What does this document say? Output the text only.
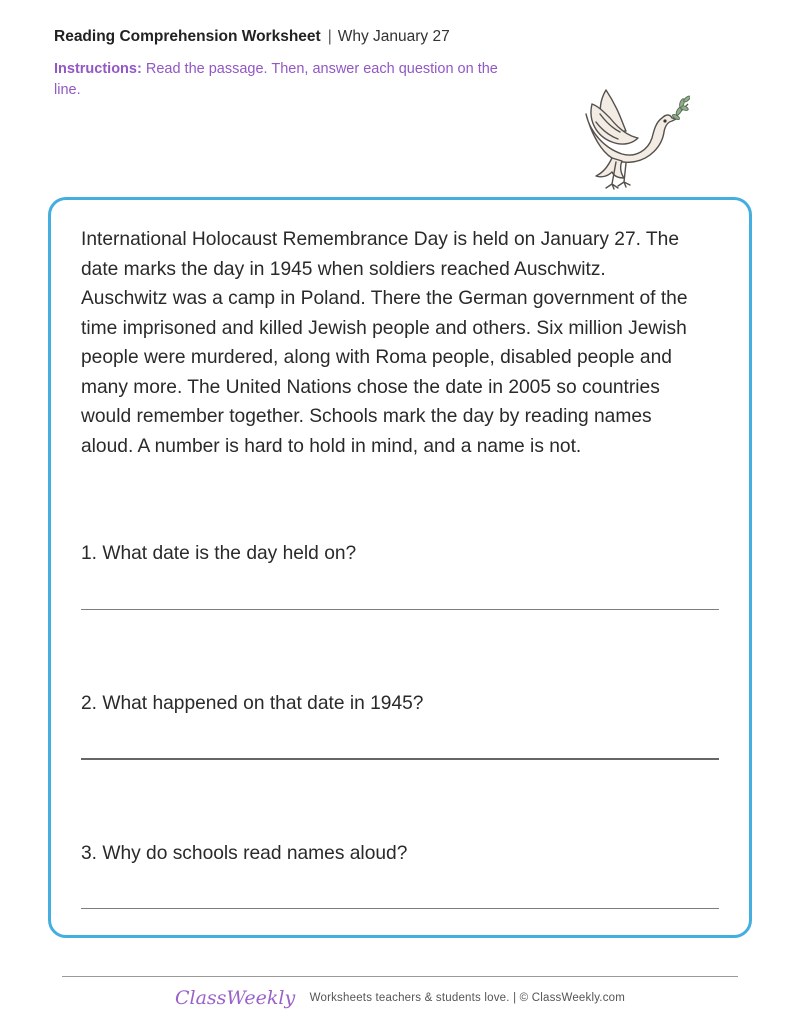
Reading Comprehension Worksheet | Why January 27
Instructions: Read the passage. Then, answer each question on the line.
International Holocaust Remembrance Day is held on January 27. The
date marks the day in 1945 when soldiers reached Auschwitz.
Auschwitz was a camp in Poland. There the German government of the
time imprisoned and killed Jewish people and others. Six million Jewish
people were murdered, along with Roma people, disabled people and
many more. The United Nations chose the date in 2005 so countries
would remember together. Schools mark the day by reading names
aloud. A number is hard to hold in mind, and a name is not.
1. What date is the day held on?
2. What happened on that date in 1945?
3. Why do schools read names aloud?
ClassWeekly Worksheets teachers & students love. | © ClassWeekly.com
